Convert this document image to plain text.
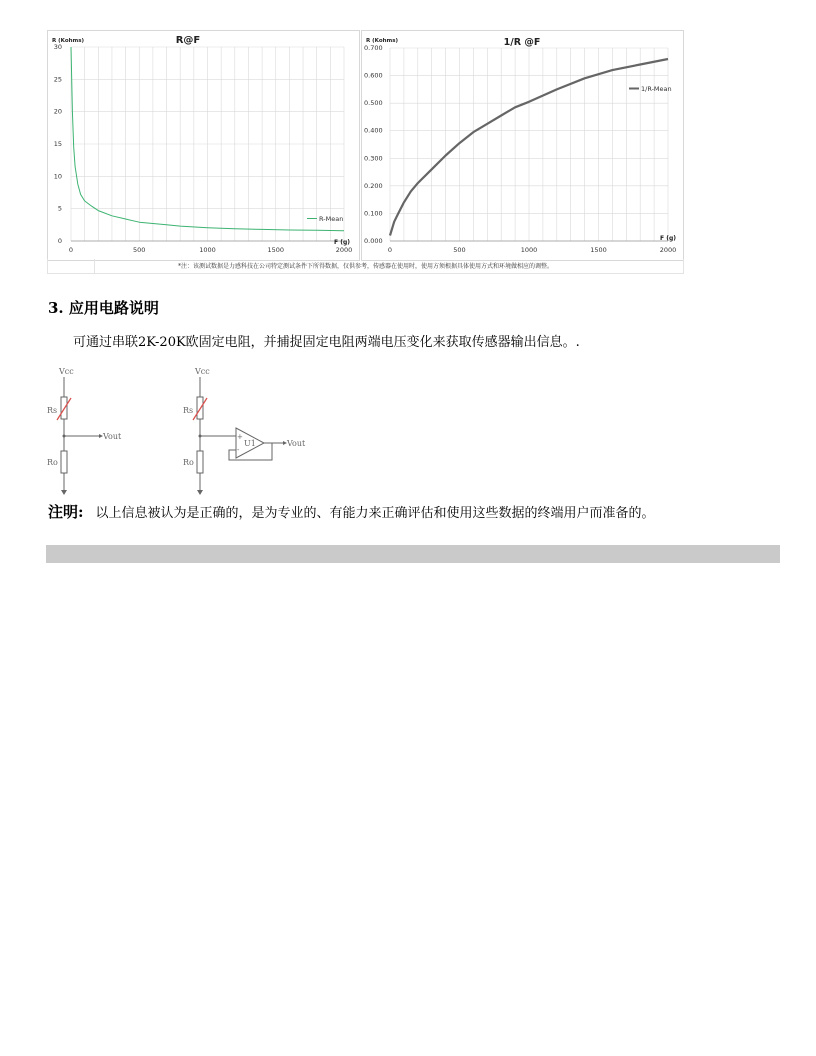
0
5
10
15
20
25
30
0	500	1000	1500	2000
R@F
R (Kohms)
F (g)
R-Mean
0.000
0.100
0.200
0.300
0.400
0.500
0.600
0.700
0	500	1000	1500	2000
1/R @F
R (Kohms)
F (g)
1/R-Mean
*注：该测试数据是力感科技在公司特定测试条件下所得数据，仅供参考，传感器在使用时，使用方须根据具体使用方式和环境做相应的调整。
3. 应用电路说明
可通过串联2K-20K欧固定电阻，并捕捉固定电阻两端电压变化来获取传感器输出信息。.
Vcc
Rs
Vout
Ro
Vcc
Rs
+
-
U1	Vout
Ro
注明: 以上信息被认为是正确的，是为专业的、有能力来正确评估和使用这些数据的终端用户而准备的。
